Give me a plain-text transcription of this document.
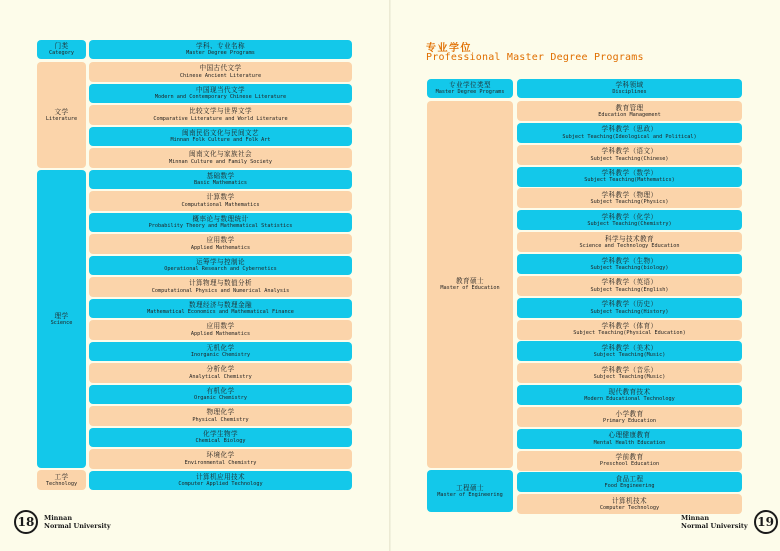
门类
Category
学科、专业名称
Master Degree Programs
文学
Literature
理学
Science
工学
Technology
中国古代文学
Chinese Ancient Literature
中国现当代文学
Modern and Contemporary Chinese Literature
比较文学与世界文学
Comparative Literature and World Literature
闽南民俗文化与民间文艺
Minnan Folk Culture and Folk Art
闽南文化与家族社会
Minnan Culture and Family Society
基础数学
Basic Mathematics
计算数学
Computational Mathematics
概率论与数理统计
Probability Theory and Mathematical Statistics
应用数学
Applied Mathematics
运筹学与控制论
Operational Research and Cybernetics
计算物理与数值分析
Computational Physics and Numerical Analysis
数理经济与数理金融
Mathematical Economics and Mathematical Finance
应用数学
Applied Mathematics
无机化学
Inorganic Chemistry
分析化学
Analytical Chemistry
有机化学
Organic Chemistry
物理化学
Physical Chemistry
化学生物学
Chemical Biology
环境化学
Environmental Chemistry
计算机应用技术
Computer Applied Technology
18	Minnan
Normal University
专业学位
Professional Master Degree Programs
专业学位类型
Master Degree Programs
学科领域
Disciplines
教育硕士
Master of Education
工程硕士
Master of Engineering
教育管理
Education Management
学科教学（思政）
Subject Teaching(Ideological and Political)
学科教学（语文）
Subject Teaching(Chinese)
学科教学（数学）
Subject Teaching(Mathematics)
学科教学（物理）
Subject Teaching(Physics)
学科教学（化学）
Subject Teaching(Chemistry)
科学与技术教育
Science and Technology Education
学科教学（生物）
Subject Teaching(biology)
学科教学（英语）
Subject Teaching(English)
学科教学（历史）
Subject Teaching(History)
学科教学（体育）
Subject Teaching(Physical Education)
学科教学（美术）
Subject Teaching(Music)
学科教学（音乐）
Subject Teaching(Music)
现代教育技术
Modern Educational Technology
小学教育
Primary Education
心理健康教育
Mental Health Education
学前教育
Preschool Education
食品工程
Food Engineering
计算机技术
Computer Technology
Minnan
Normal University 19
